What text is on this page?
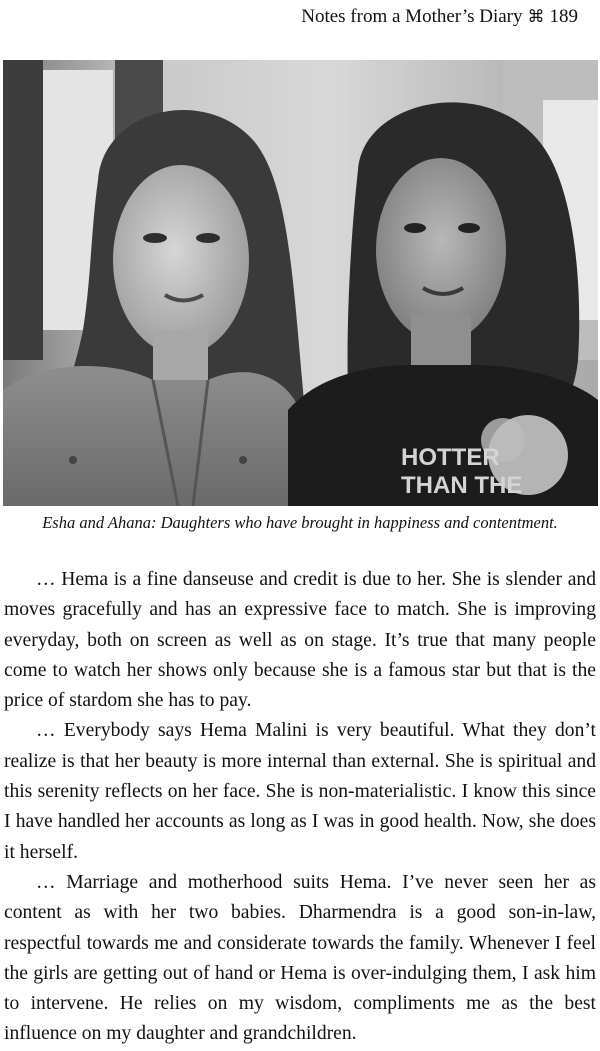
Notes from a Mother’s Diary ⌘ 189
HOTTER
THAN THE
Esha and Ahana: Daughters who have brought in happiness and contentment.

… Hema is a fine danseuse and credit is due to her. She is slender and moves gracefully and has an expressive face to match. She is improving everyday, both on screen as well as on stage. It’s true that many people come to watch her shows only because she is a famous star but that is the price of stardom she has to pay.

… Everybody says Hema Malini is very beautiful. What they don’t realize is that her beauty is more internal than external. She is spiritual and this serenity reflects on her face. She is non-materialistic. I know this since I have handled her accounts as long as I was in good health. Now, she does it herself.

… Marriage and motherhood suits Hema. I’ve never seen her as content as with her two babies. Dharmendra is a good son-in-law, respectful towards me and considerate towards the family. Whenever I feel the girls are getting out of hand or Hema is over-indulging them, I ask him to intervene. He relies on my wisdom, compliments me as the best influence on my daughter and grandchildren.
